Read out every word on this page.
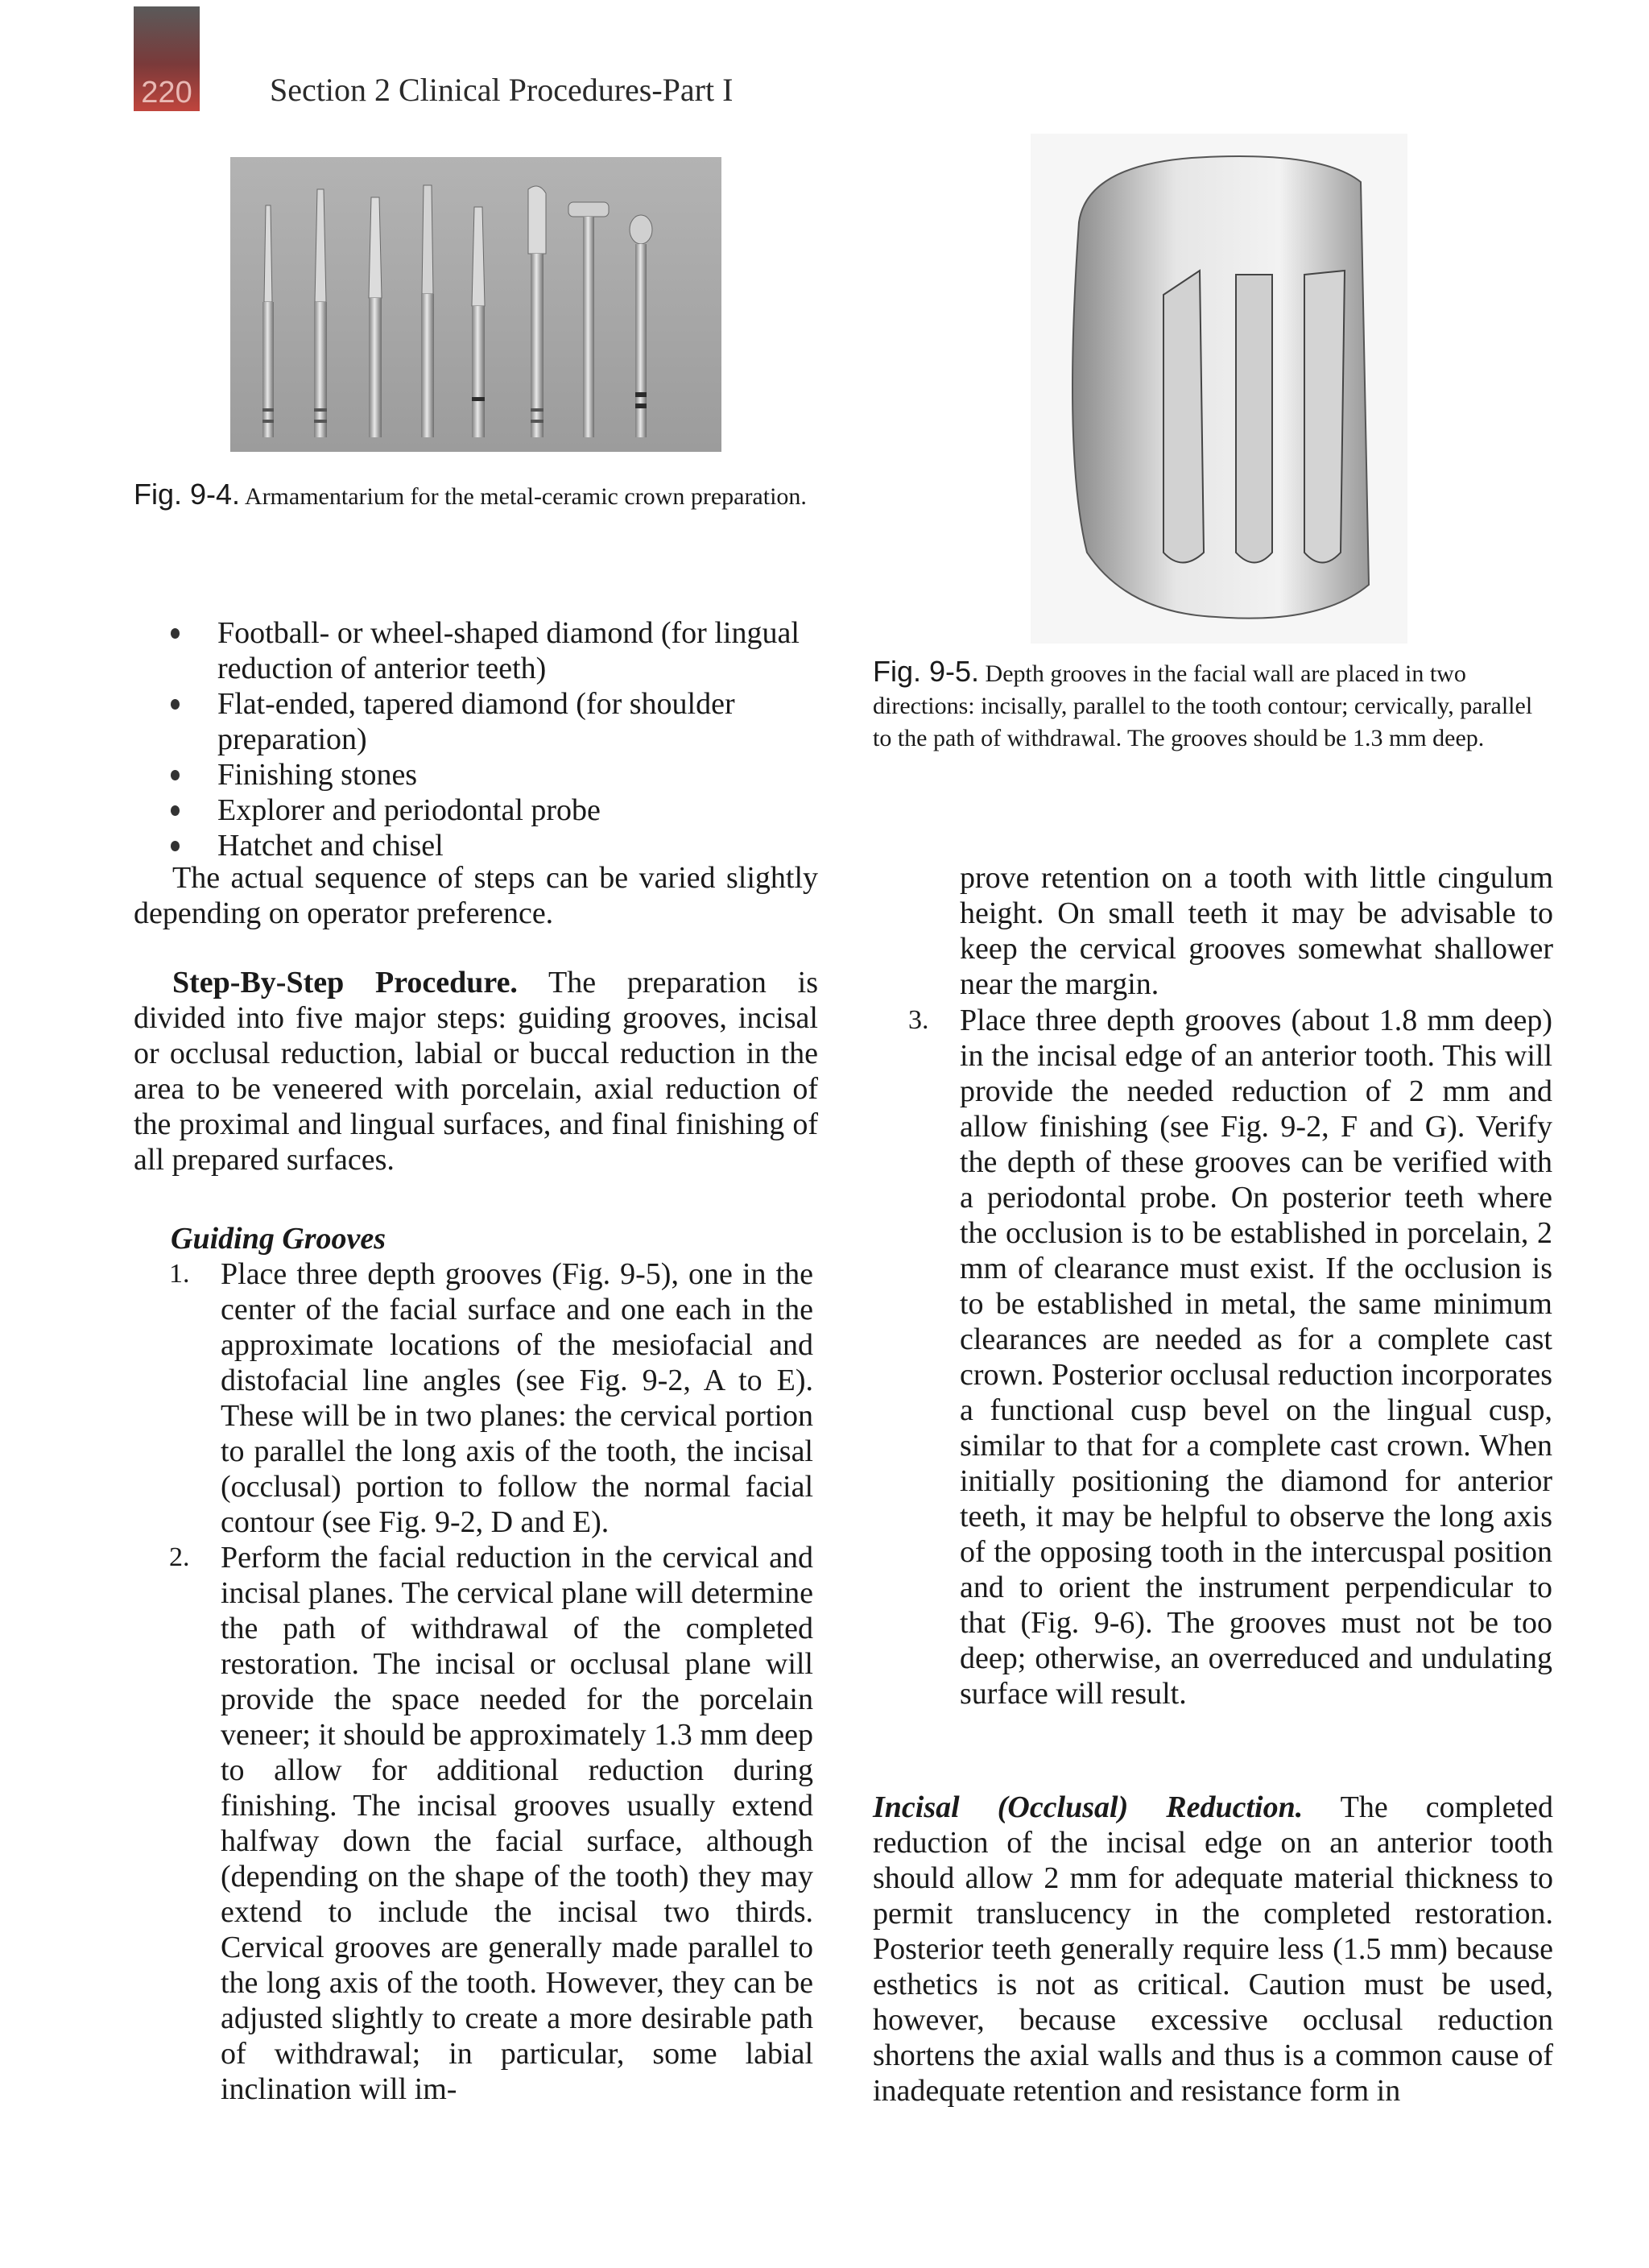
220 Section 2 Clinical Procedures-Part I
Fig. 9-4. Armamentarium for the metal-ceramic crown preparation.
Fig. 9-5. Depth grooves in the facial wall are placed in two directions: incisally, parallel to the tooth contour; cervically, parallel to the path of withdrawal. The grooves should be 1.3 mm deep.
Football- or wheel-shaped diamond (for lingual reduction of anterior teeth)
Flat-ended, tapered diamond (for shoulder preparation)
Finishing stones
Explorer and periodontal probe
Hatchet and chisel
The actual sequence of steps can be varied slightly depending on operator preference.
Step-By-Step Procedure. The preparation is divided into five major steps: guiding grooves, incisal or occlusal reduction, labial or buccal reduction in the area to be veneered with porcelain, axial reduction of the proximal and lingual surfaces, and final finishing of all prepared surfaces.
Guiding Grooves
1. Place three depth grooves (Fig. 9-5), one in the center of the facial surface and one each in the approximate locations of the mesiofacial and distofacial line angles (see Fig. 9-2, A to E). These will be in two planes: the cervical portion to parallel the long axis of the tooth, the incisal (occlusal) portion to follow the normal facial contour (see Fig. 9-2, D and E).
2. Perform the facial reduction in the cervical and incisal planes. The cervical plane will determine the path of withdrawal of the completed restoration. The incisal or occlusal plane will provide the space needed for the porcelain veneer; it should be approximately 1.3 mm deep to allow for additional reduction during finishing. The incisal grooves usually extend halfway down the facial surface, although (depending on the shape of the tooth) they may extend to include the incisal two thirds. Cervical grooves are generally made parallel to the long axis of the tooth. However, they can be adjusted slightly to create a more desirable path of withdrawal; in particular, some labial inclination will im-
prove retention on a tooth with little cingulum height. On small teeth it may be advisable to keep the cervical grooves somewhat shallower near the margin.
3. Place three depth grooves (about 1.8 mm deep) in the incisal edge of an anterior tooth. This will provide the needed reduction of 2 mm and allow finishing (see Fig. 9-2, F and G). Verify the depth of these grooves can be verified with a periodontal probe. On posterior teeth where the occlusion is to be established in porcelain, 2 mm of clearance must exist. If the occlusion is to be established in metal, the same minimum clearances are needed as for a complete cast crown. Posterior occlusal reduction incorporates a functional cusp bevel on the lingual cusp, similar to that for a complete cast crown. When initially positioning the diamond for anterior teeth, it may be helpful to observe the long axis of the opposing tooth in the intercuspal position and to orient the instrument perpendicular to that (Fig. 9-6). The grooves must not be too deep; otherwise, an overreduced and undulating surface will result.
Incisal (Occlusal) Reduction. The completed reduction of the incisal edge on an anterior tooth should allow 2 mm for adequate material thickness to permit translucency in the completed restoration. Posterior teeth generally require less (1.5 mm) because esthetics is not as critical. Caution must be used, however, because excessive occlusal reduction shortens the axial walls and thus is a common cause of inadequate retention and resistance form in
